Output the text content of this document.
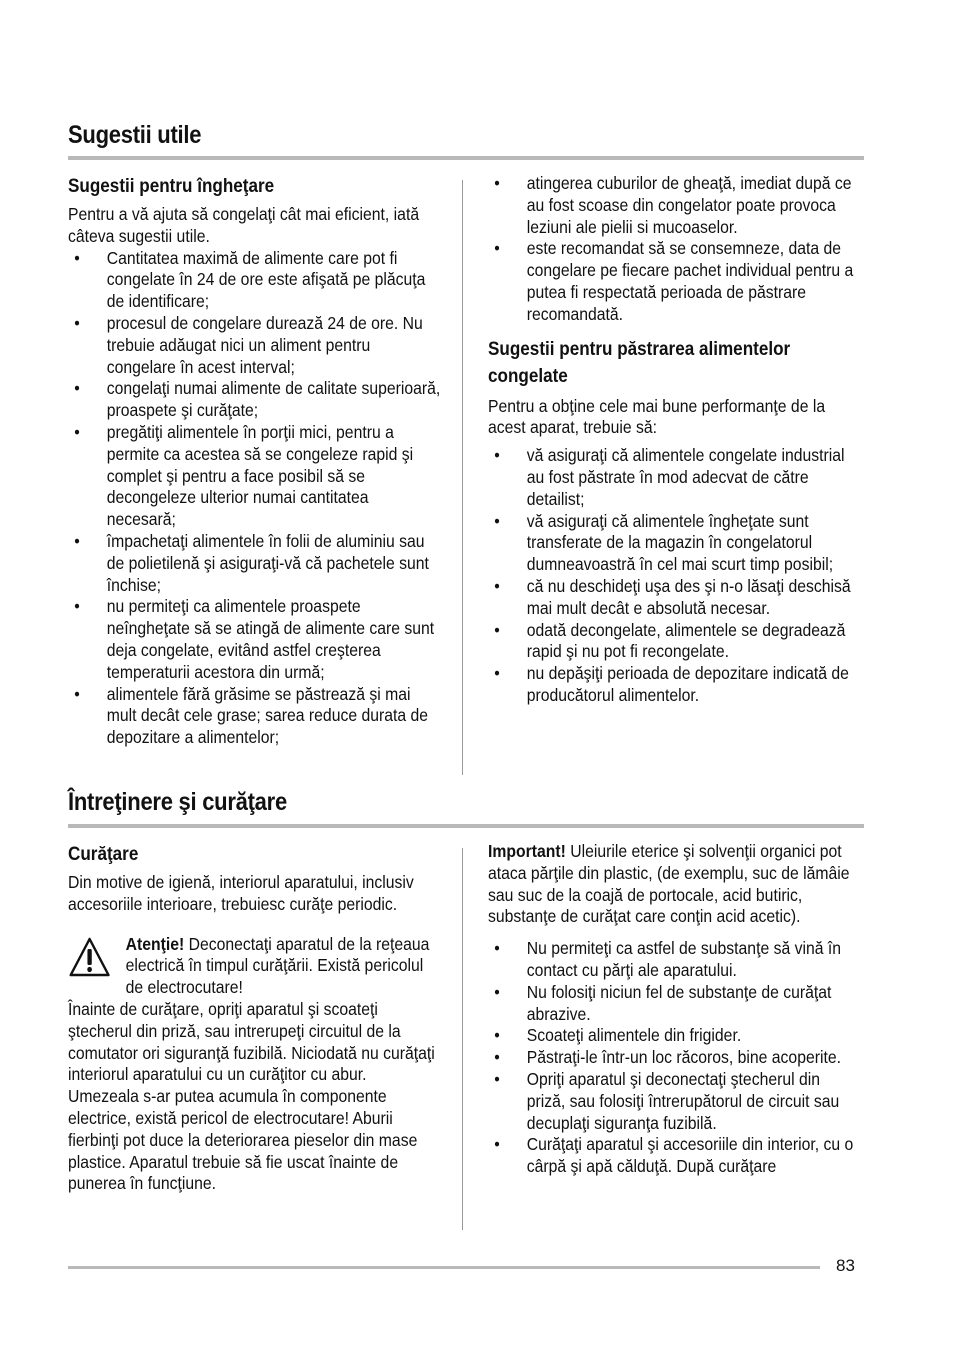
Sugestii utile
Sugestii pentru îngheţare

Pentru a vă ajuta să congelaţi cât mai eficient, iată câteva sugestii utile.

• Cantitatea maximă de alimente care pot fi congelate în 24 de ore este afişată pe plăcuţa de identificare;
• procesul de congelare durează 24 de ore. Nu trebuie adăugat nici un aliment pentru congelare în acest interval;
• congelaţi numai alimente de calitate superioară, proaspete şi curăţate;
• pregătiţi alimentele în porţii mici, pentru a permite ca acestea să se congeleze rapid şi complet şi pentru a face posibil să se decongeleze ulterior numai cantitatea necesară;
• împachetaţi alimentele în folii de aluminiu sau de polietilenă şi asiguraţi-vă că pachetele sunt închise;
• nu permiteţi ca alimentele proaspete neîngheţate să se atingă de alimente care sunt deja congelate, evitând astfel creşterea temperaturii acestora din urmă;
• alimentele fără grăsime se păstrează şi mai mult decât cele grase; sarea reduce durata de depozitare a alimentelor;
• atingerea cuburilor de gheaţă, imediat după ce au fost scoase din congelator poate provoca leziuni ale pielii si mucoaselor.
• este recomandat să se consemneze, data de congelare pe fiecare pachet individual pentru a putea fi respectată perioada de păstrare recomandată.
Sugestii pentru păstrarea alimentelor congelate

Pentru a obţine cele mai bune performanţe de la acest aparat, trebuie să:

• vă asiguraţi că alimentele congelate industrial au fost păstrate în mod adecvat de către detailist;
• vă asiguraţi că alimentele îngheţate sunt transferate de la magazin în congelatorul dumneavoastră în cel mai scurt timp posibil;
• că nu deschideţi uşa des şi n-o lăsaţi deschisă mai mult decât e absolută necesar.
• odată decongelate, alimentele se degradează rapid şi nu pot fi recongelate.
• nu depăşiţi perioada de depozitare indicată de producătorul alimentelor.
Întreţinere şi curăţare
Curăţare

Din motive de igienă, interiorul aparatului, inclusiv accesoriile interioare, trebuiesc curăţe periodic.

Atenţie! Deconectaţi aparatul de la reţeaua electrică în timpul curăţării. Există pericolul de electrocutare!

Înainte de curăţare, opriţi aparatul şi scoateţi ştecherul din priză, sau intrerupeţi circuitul de la comutator ori siguranţă fuzibilă. Niciodată nu curăţaţi interiorul aparatului cu un curăţitor cu abur. Umezeala s-ar putea acumula în componente electrice, există pericol de electrocutare! Aburii fierbinţi pot duce la deteriorarea pieselor din mase plastice. Aparatul trebuie să fie uscat înainte de punerea în funcţiune.

Important! Uleiurile eterice şi solvenţii organici pot ataca părţile din plastic, (de exemplu, suc de lămâie sau suc de la coajă de portocale, acid butiric, substanţe de curăţat care conţin acid acetic).

• Nu permiteţi ca astfel de substanţe să vină în contact cu părţi ale aparatului.
• Nu folosiţi niciun fel de substanţe de curăţat abrazive.
• Scoateţi alimentele din frigider.
• Păstraţi-le într-un loc răcoros, bine acoperite.
• Opriţi aparatul şi deconectaţi ştecherul din priză, sau folosiţi întrerupătorul de circuit sau decuplaţi siguranţa fuzibilă.
• Curăţaţi aparatul şi accesoriile din interior, cu o cârpă şi apă călduţă. După curăţare
83
